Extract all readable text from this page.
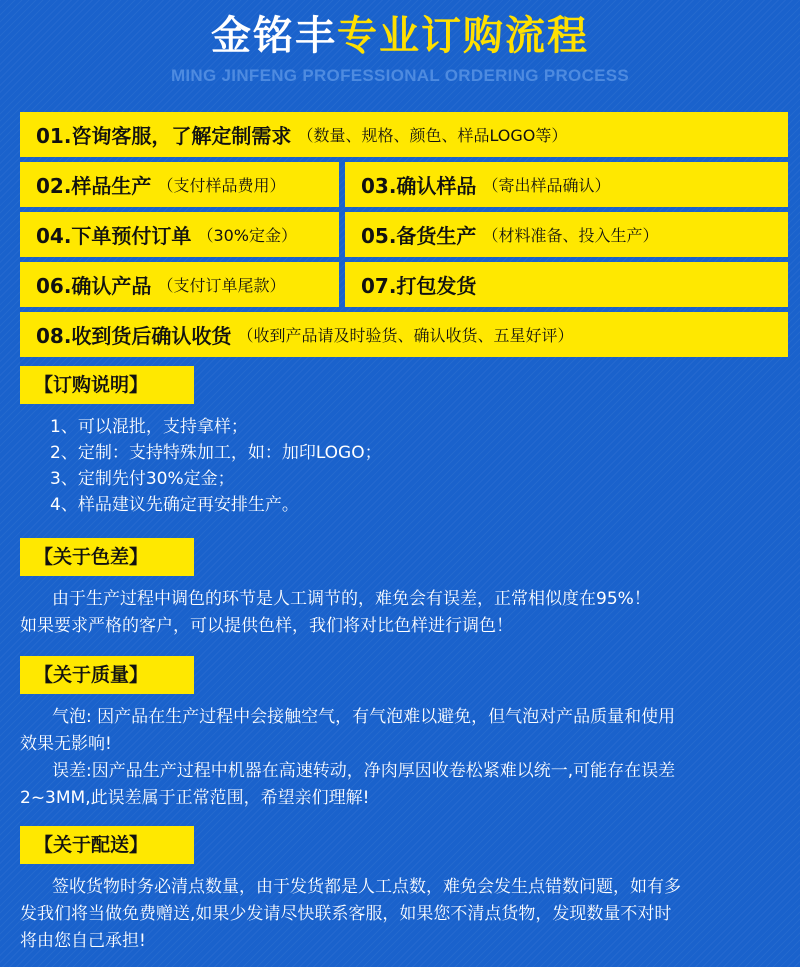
金铭丰专业订购流程
MING JINFENG PROFESSIONAL ORDERING PROCESS
01.咨询客服，了解定制需求 （数量、规格、颜色、样品LOGO等）
02.样品生产 （支付样品费用）	03.确认样品 （寄出样品确认）
04.下单预付订单 （30%定金）	05.备货生产 （材料准备、投入生产）
06.确认产品 （支付订单尾款）	07.打包发货
08.收到货后确认收货 （收到产品请及时验货、确认收货、五星好评）
【订购说明】
1、可以混批，支持拿样；
2、定制：支持特殊加工，如：加印LOGO；
3、定制先付30%定金；
4、样品建议先确定再安排生产。
【关于色差】

由于生产过程中调色的环节是人工调节的，难免会有误差，正常相似度在95%！

如果要求严格的客户，可以提供色样，我们将对比色样进行调色！

【关于质量】

气泡: 因产品在生产过程中会接触空气，有气泡难以避免，但气泡对产品质量和使用

效果无影响!

误差:因产品生产过程中机器在高速转动，净肉厚因收卷松紧难以统一,可能存在误差

2~3MM,此误差属于正常范围，希望亲们理解!

【关于配送】

签收货物时务必清点数量，由于发货都是人工点数，难免会发生点错数问题，如有多

发我们将当做免费赠送,如果少发请尽快联系客服，如果您不清点货物，发现数量不对时

将由您自己承担!
